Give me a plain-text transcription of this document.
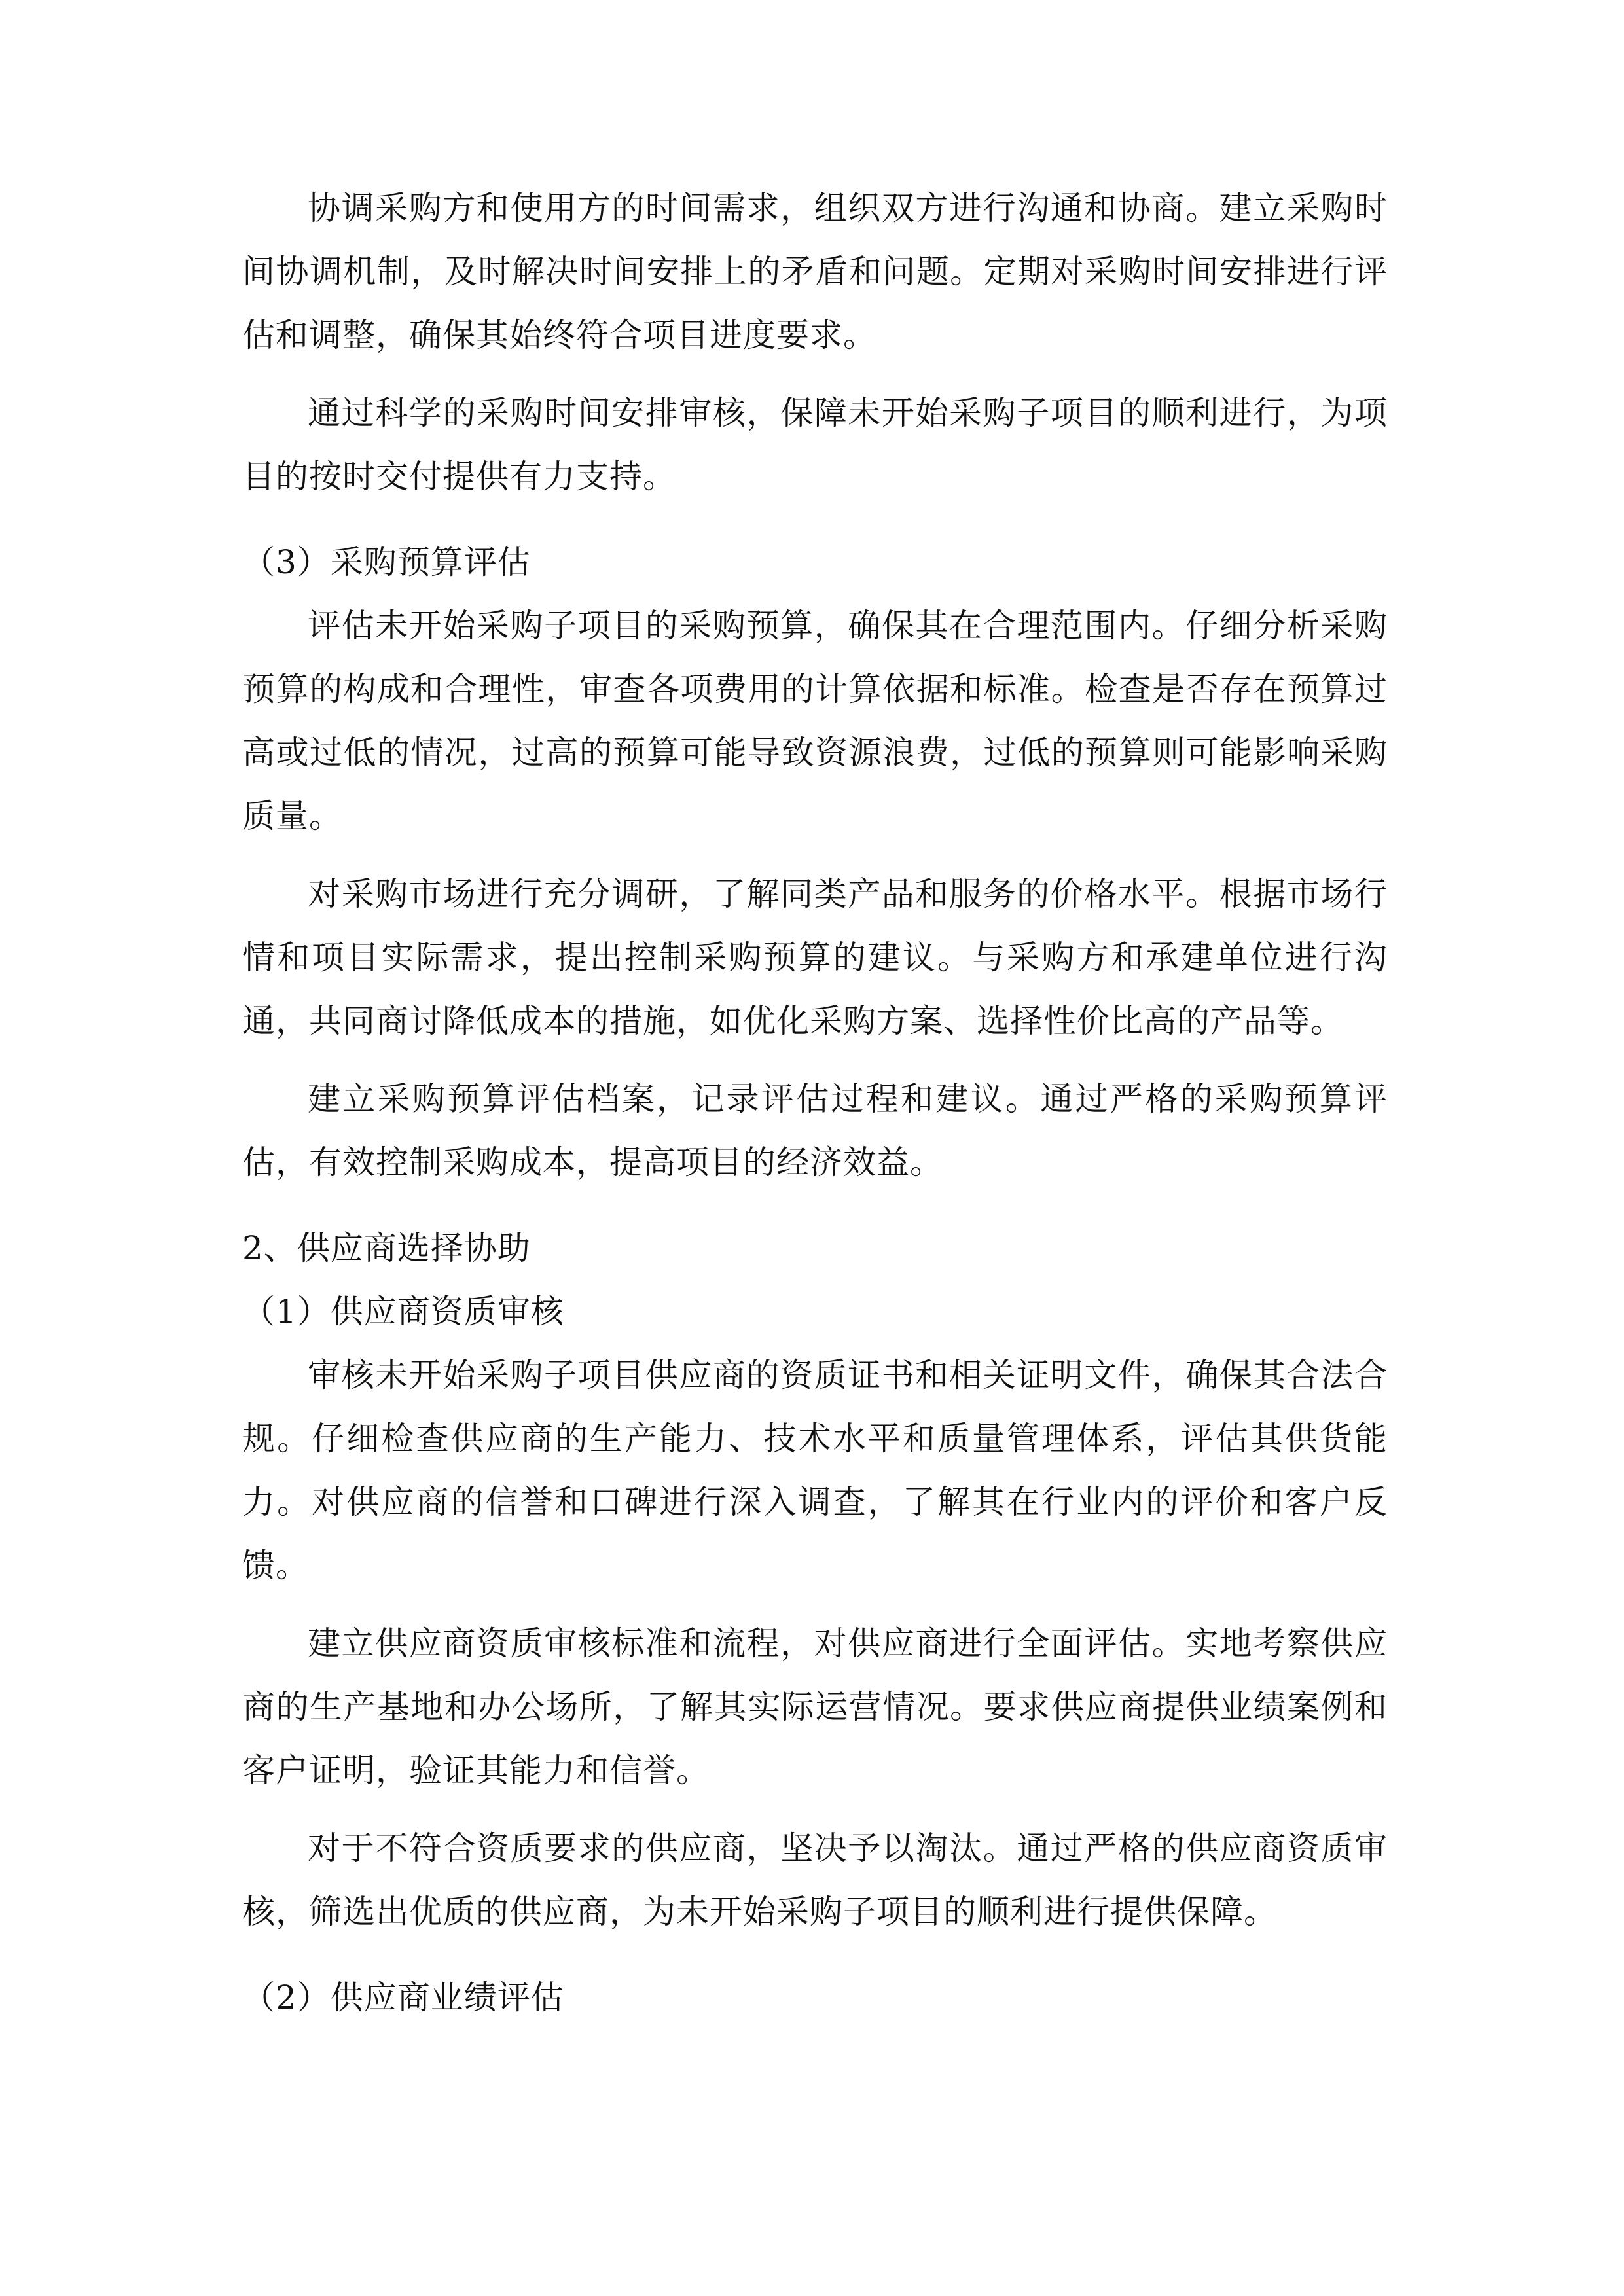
协调采购方和使用方的时间需求，组织双方进行沟通和协商。建立采购时间协调机制，及时解决时间安排上的矛盾和问题。定期对采购时间安排进行评估和调整，确保其始终符合项目进度要求。

通过科学的采购时间安排审核，保障未开始采购子项目的顺利进行，为项目的按时交付提供有力支持。

（3）采购预算评估

评估未开始采购子项目的采购预算，确保其在合理范围内。仔细分析采购预算的构成和合理性，审查各项费用的计算依据和标准。检查是否存在预算过高或过低的情况，过高的预算可能导致资源浪费，过低的预算则可能影响采购质量。

对采购市场进行充分调研，了解同类产品和服务的价格水平。根据市场行情和项目实际需求，提出控制采购预算的建议。与采购方和承建单位进行沟通，共同商讨降低成本的措施，如优化采购方案、选择性价比高的产品等。

建立采购预算评估档案，记录评估过程和建议。通过严格的采购预算评估，有效控制采购成本，提高项目的经济效益。

2、供应商选择协助

（1）供应商资质审核

审核未开始采购子项目供应商的资质证书和相关证明文件，确保其合法合规。仔细检查供应商的生产能力、技术水平和质量管理体系，评估其供货能力。对供应商的信誉和口碑进行深入调查，了解其在行业内的评价和客户反馈。

建立供应商资质审核标准和流程，对供应商进行全面评估。实地考察供应商的生产基地和办公场所，了解其实际运营情况。要求供应商提供业绩案例和客户证明，验证其能力和信誉。

对于不符合资质要求的供应商，坚决予以淘汰。通过严格的供应商资质审核，筛选出优质的供应商，为未开始采购子项目的顺利进行提供保障。

（2）供应商业绩评估
